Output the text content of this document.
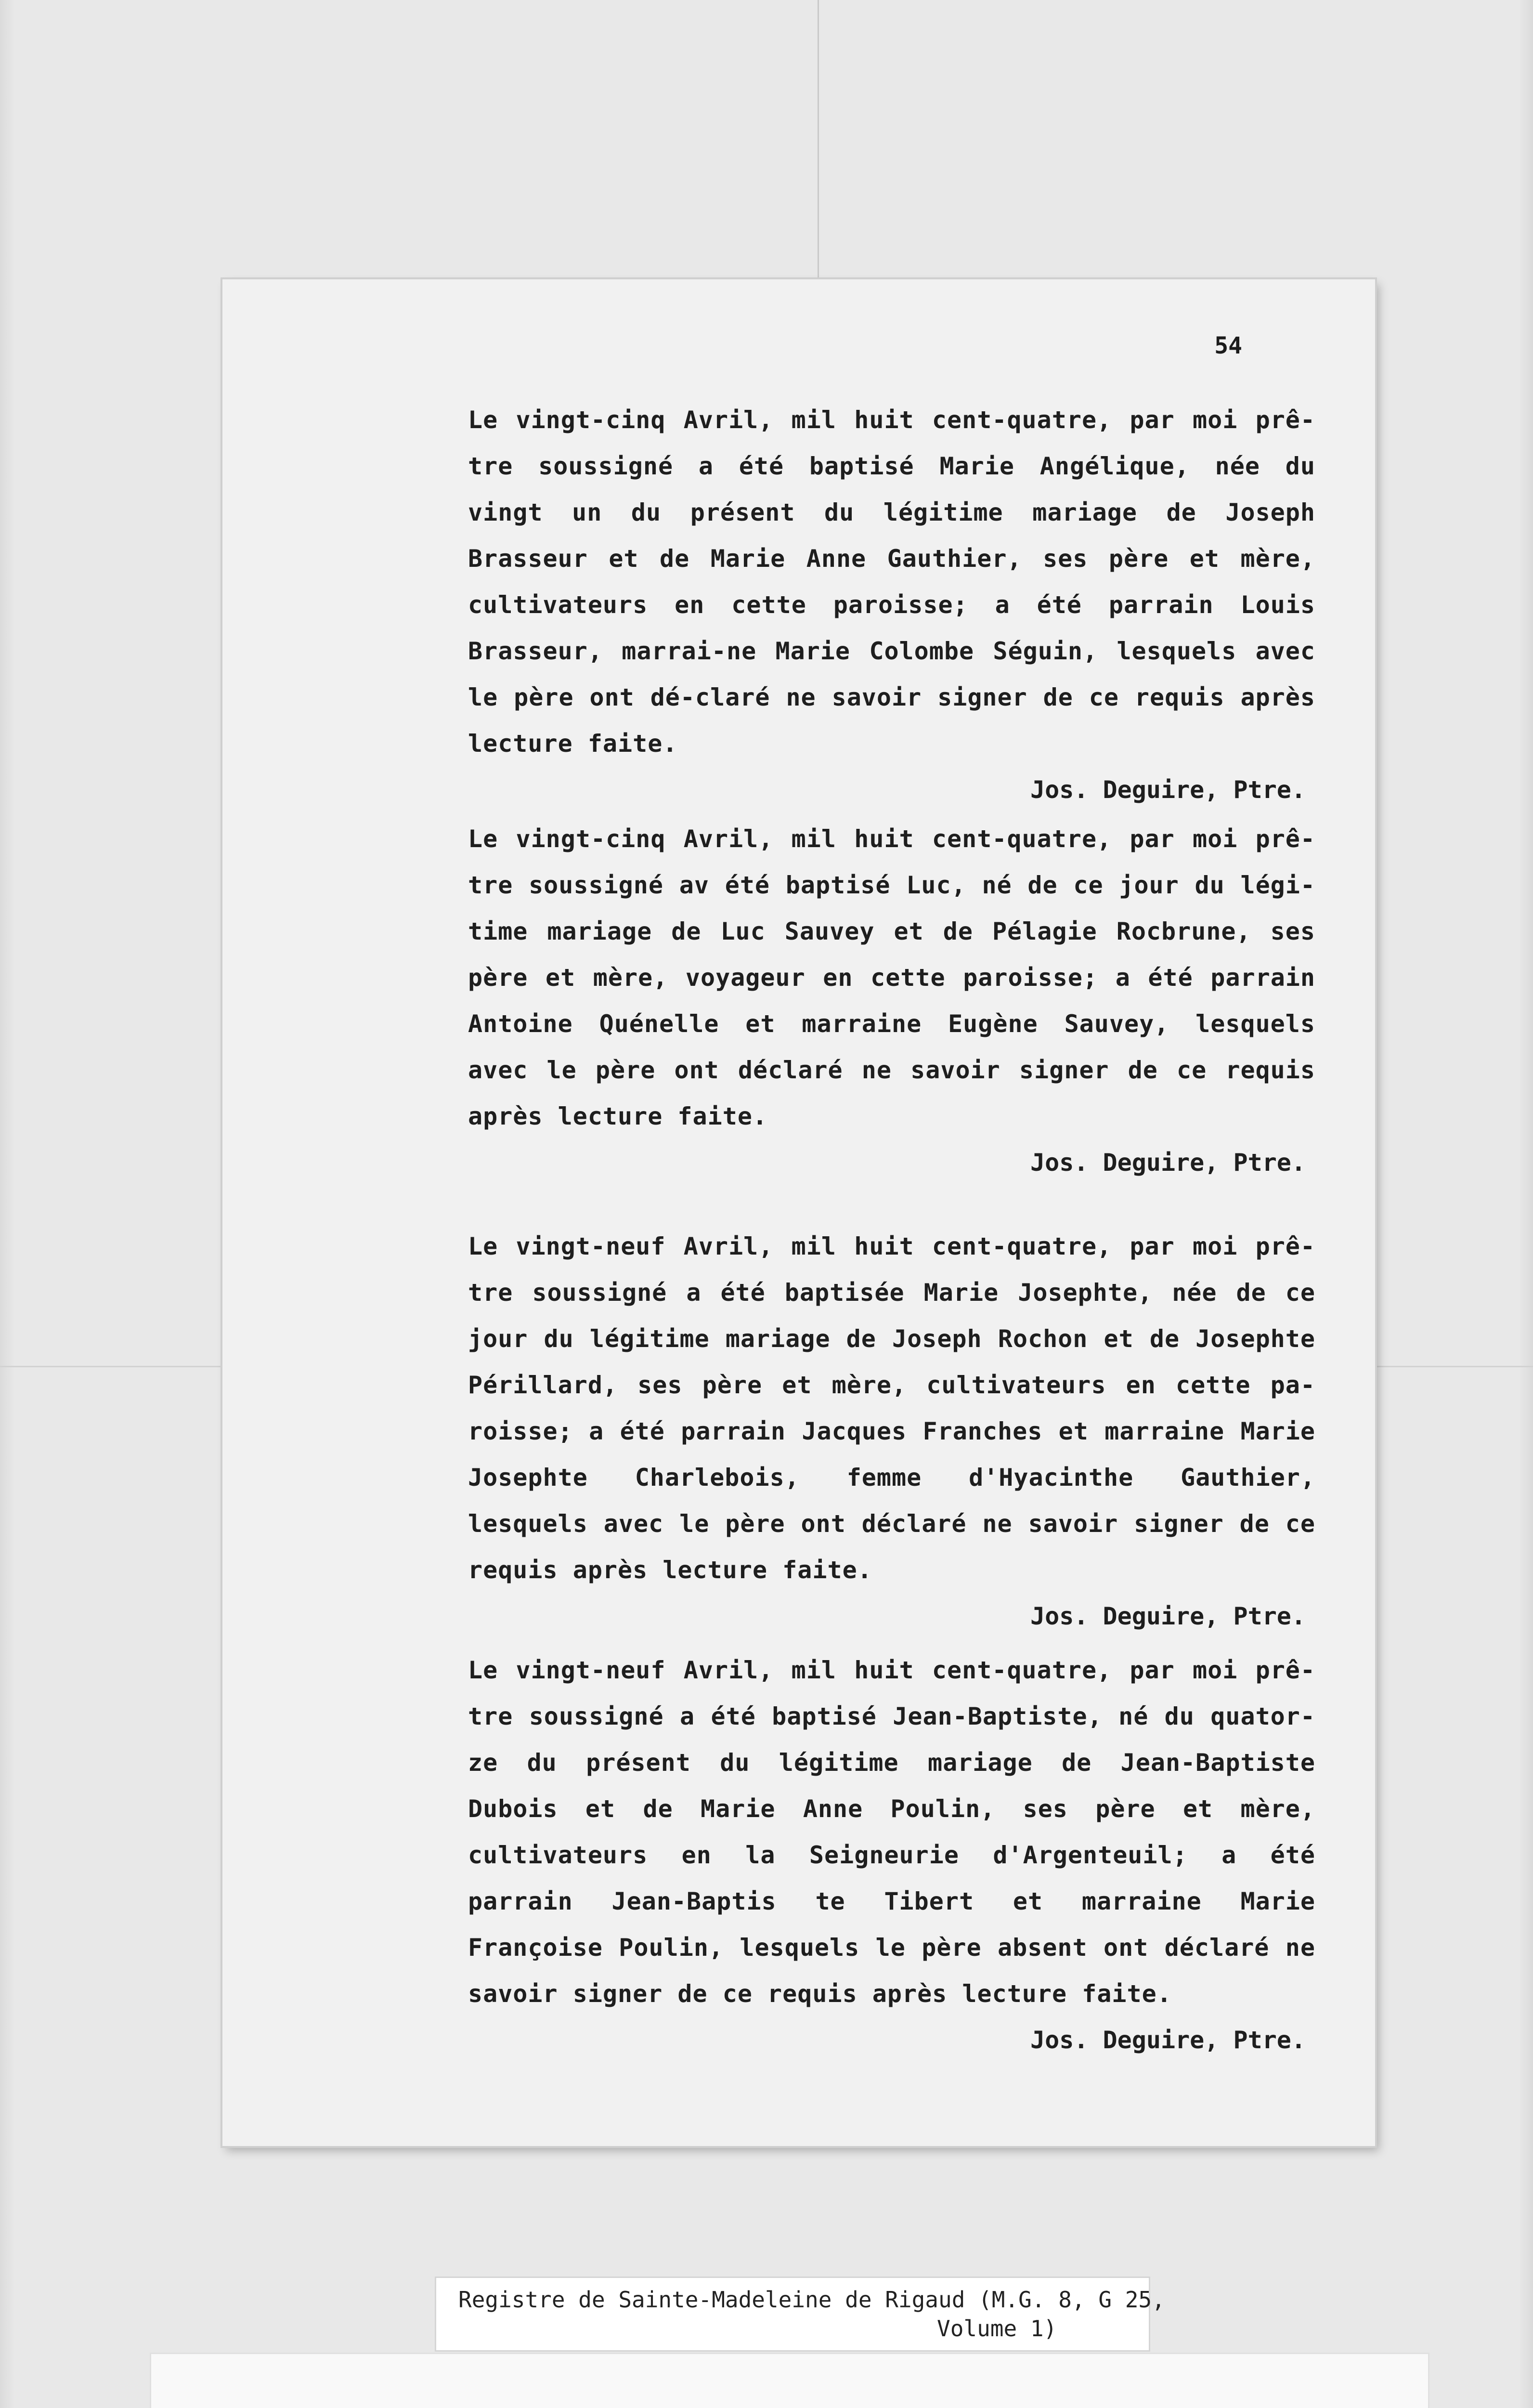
54
Le vingt-cinq Avril, mil huit cent-quatre, par moi prê-tre soussigné a été baptisé Marie Angélique, née du vingt un du présent du légitime mariage de Joseph Brasseur et de Marie Anne Gauthier, ses père et mère, cultivateurs en cette paroisse; a été parrain Louis Brasseur, marrai-ne Marie Colombe Séguin, lesquels avec le père ont dé-claré ne savoir signer de ce requis après lecture faite.
Jos. Deguire, Ptre.
Le vingt-cinq Avril, mil huit cent-quatre, par moi prê-tre soussigné av été baptisé Luc, né de ce jour du légi-time mariage de Luc Sauvey et de Pélagie Rocbrune, ses père et mère, voyageur en cette paroisse; a été parrain Antoine Quénelle et marraine Eugène Sauvey, lesquels avec le père ont déclaré ne savoir signer de ce requis après lecture faite.
Jos. Deguire, Ptre.
Le vingt-neuf Avril, mil huit cent-quatre, par moi prê-tre soussigné a été baptisée Marie Josephte, née de ce jour du légitime mariage de Joseph Rochon et de Josephte Périllard, ses père et mère, cultivateurs en cette pa-roisse; a été parrain Jacques Franches et marraine Marie Josephte Charlebois, femme d'Hyacinthe Gauthier, lesquels avec le père ont déclaré ne savoir signer de ce requis après lecture faite.
Jos. Deguire, Ptre.
Le vingt-neuf Avril, mil huit cent-quatre, par moi prê-tre soussigné a été baptisé Jean-Baptiste, né du quator-ze du présent du légitime mariage de Jean-Baptiste Dubois et de Marie Anne Poulin, ses père et mère, cultivateurs en la Seigneurie d'Argenteuil; a été parrain Jean-Baptis te Tibert et marraine Marie Françoise Poulin, lesquels le père absent ont déclaré ne savoir signer de ce requis après lecture faite.
Jos. Deguire, Ptre.
Registre de Sainte-Madeleine de Rigaud (M.G. 8, G 25,
Volume 1)
